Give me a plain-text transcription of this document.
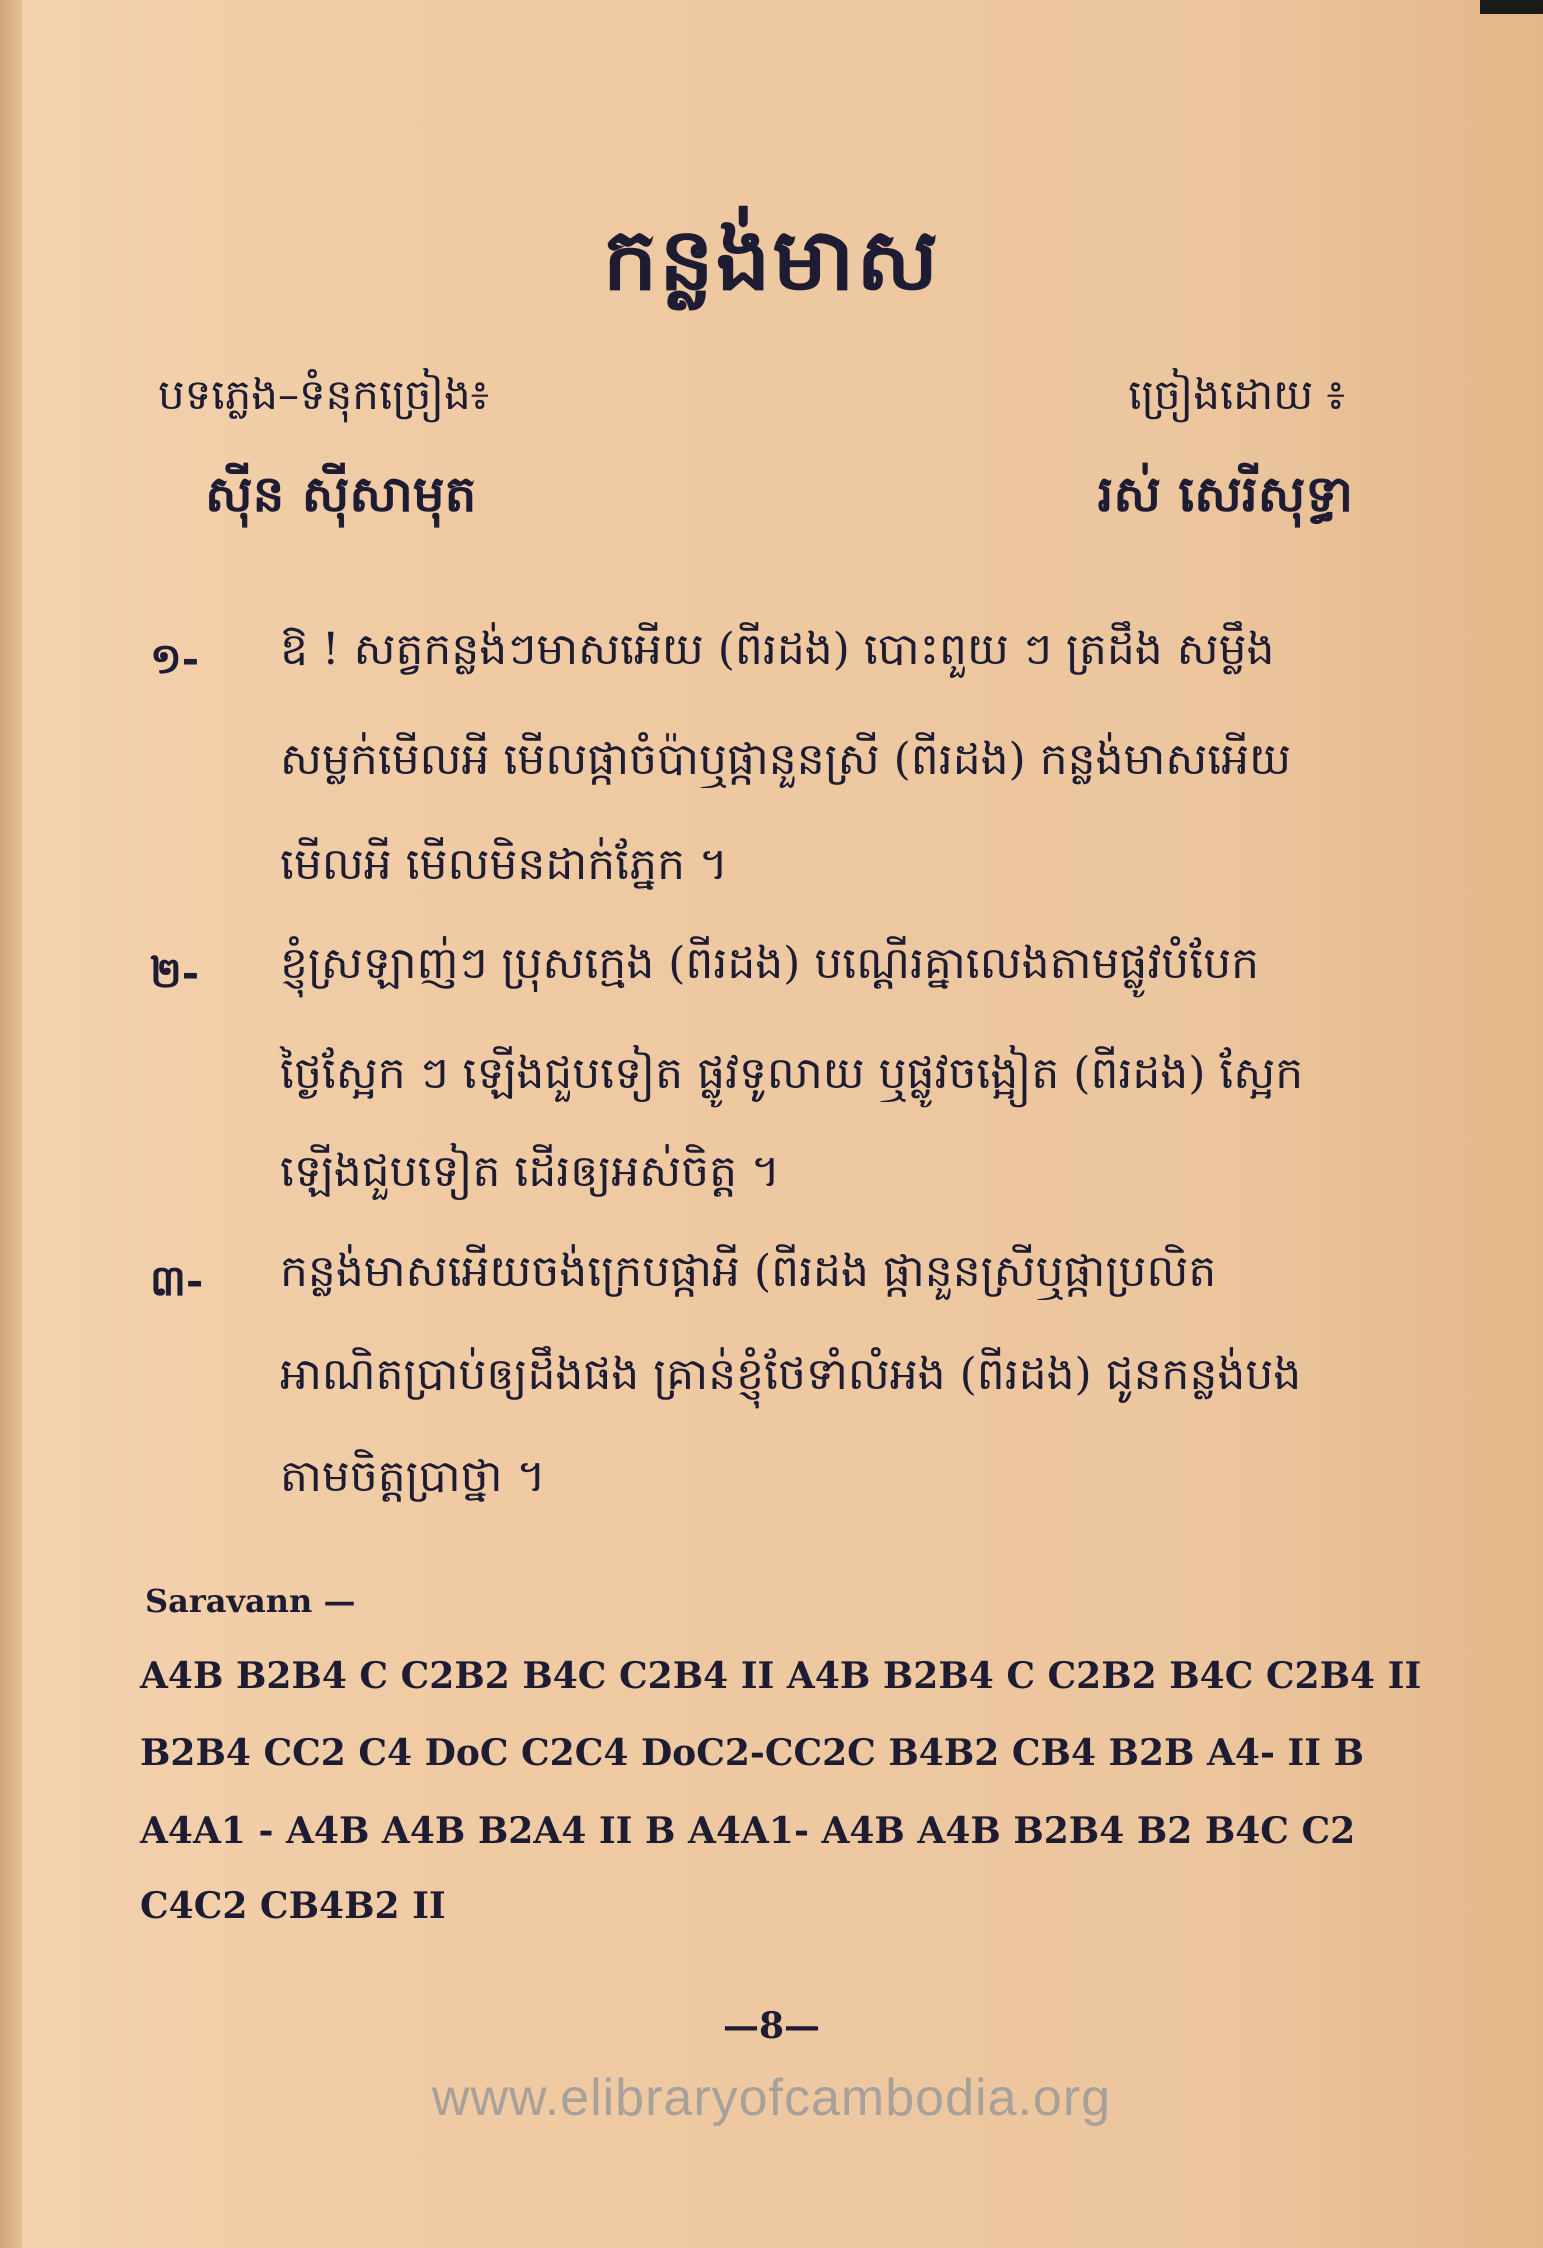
កន្លង់មាស
បទភ្លេង–ទំនុកច្រៀង៖
ស៊ីន ស៊ីសាមុត
ច្រៀងដោយ ៖
រស់ សេរីសុទ្ធា
១- ឱ ! សត្វកន្លង់ៗមាសអើយ (ពីរដង) បោះពួយ ៗ ត្រដឹង សម្លឹង
សម្លក់មើលអី មើលផ្កាចំប៉ាឬផ្កានួនស្រី (ពីរដង) កន្លង់មាសអើយ
មើលអី មើលមិនដាក់ភ្នែក ។
២- ខ្ញុំស្រឡាញ់ៗ ប្រុសក្មេង (ពីរដង) បណ្ដើរគ្នាលេងតាមផ្លូវបំបែក
ថ្ងៃស្អែក ៗ ឡើងជួបទៀត ផ្លូវទូលាយ ឬផ្លូវចង្អៀត (ពីរដង) ស្អែក
ឡើងជួបទៀត ដើរឲ្យអស់ចិត្ត ។
៣- កន្លង់មាសអើយចង់ក្រេបផ្កាអី (ពីរដង ផ្កានួនស្រីឬផ្កាប្រលិត
អាណិតប្រាប់ឲ្យដឹងផង គ្រាន់ខ្ញុំថែទាំលំអង (ពីរដង) ជូនកន្លង់បង
តាមចិត្តប្រាថ្នា ។
Saravann —
A4B B2B4 C C2B2 B4C C2B4 II A4B B2B4 C C2B2 B4C C2B4 II
B2B4 CC2 C4 DoC C2C4 DoC2-CC2C B4B2 CB4 B2B A4- II B
A4A1 - A4B A4B B2A4 II B A4A1- A4B A4B B2B4 B2 B4C C2
C4C2 CB4B2 II
—8—
www.elibraryofcambodia.org
